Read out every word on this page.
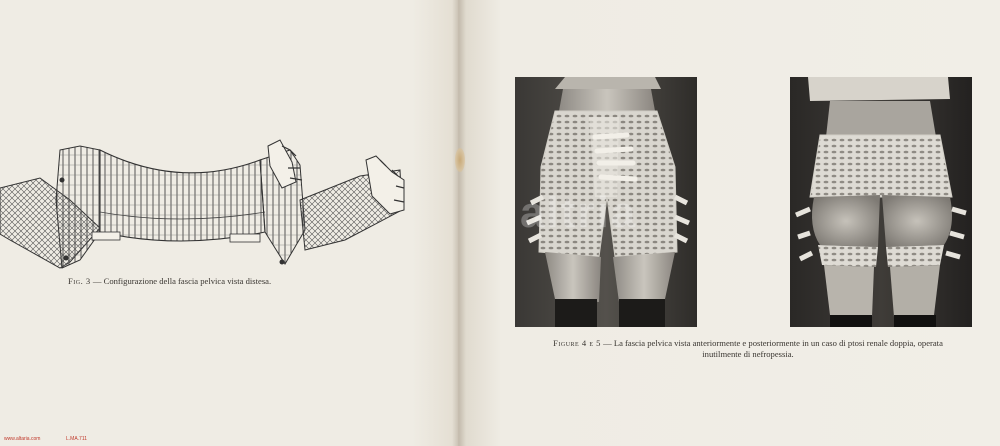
Fig. 3 — Configurazione della fascia pelvica vista distesa.
Figure 4 e 5 — La fascia pelvica vista anteriormente e posteriormente in un caso di ptosi renale doppia, operata inutilmente di nefropessia.
altria
www.altaria.com	L.MA.711
